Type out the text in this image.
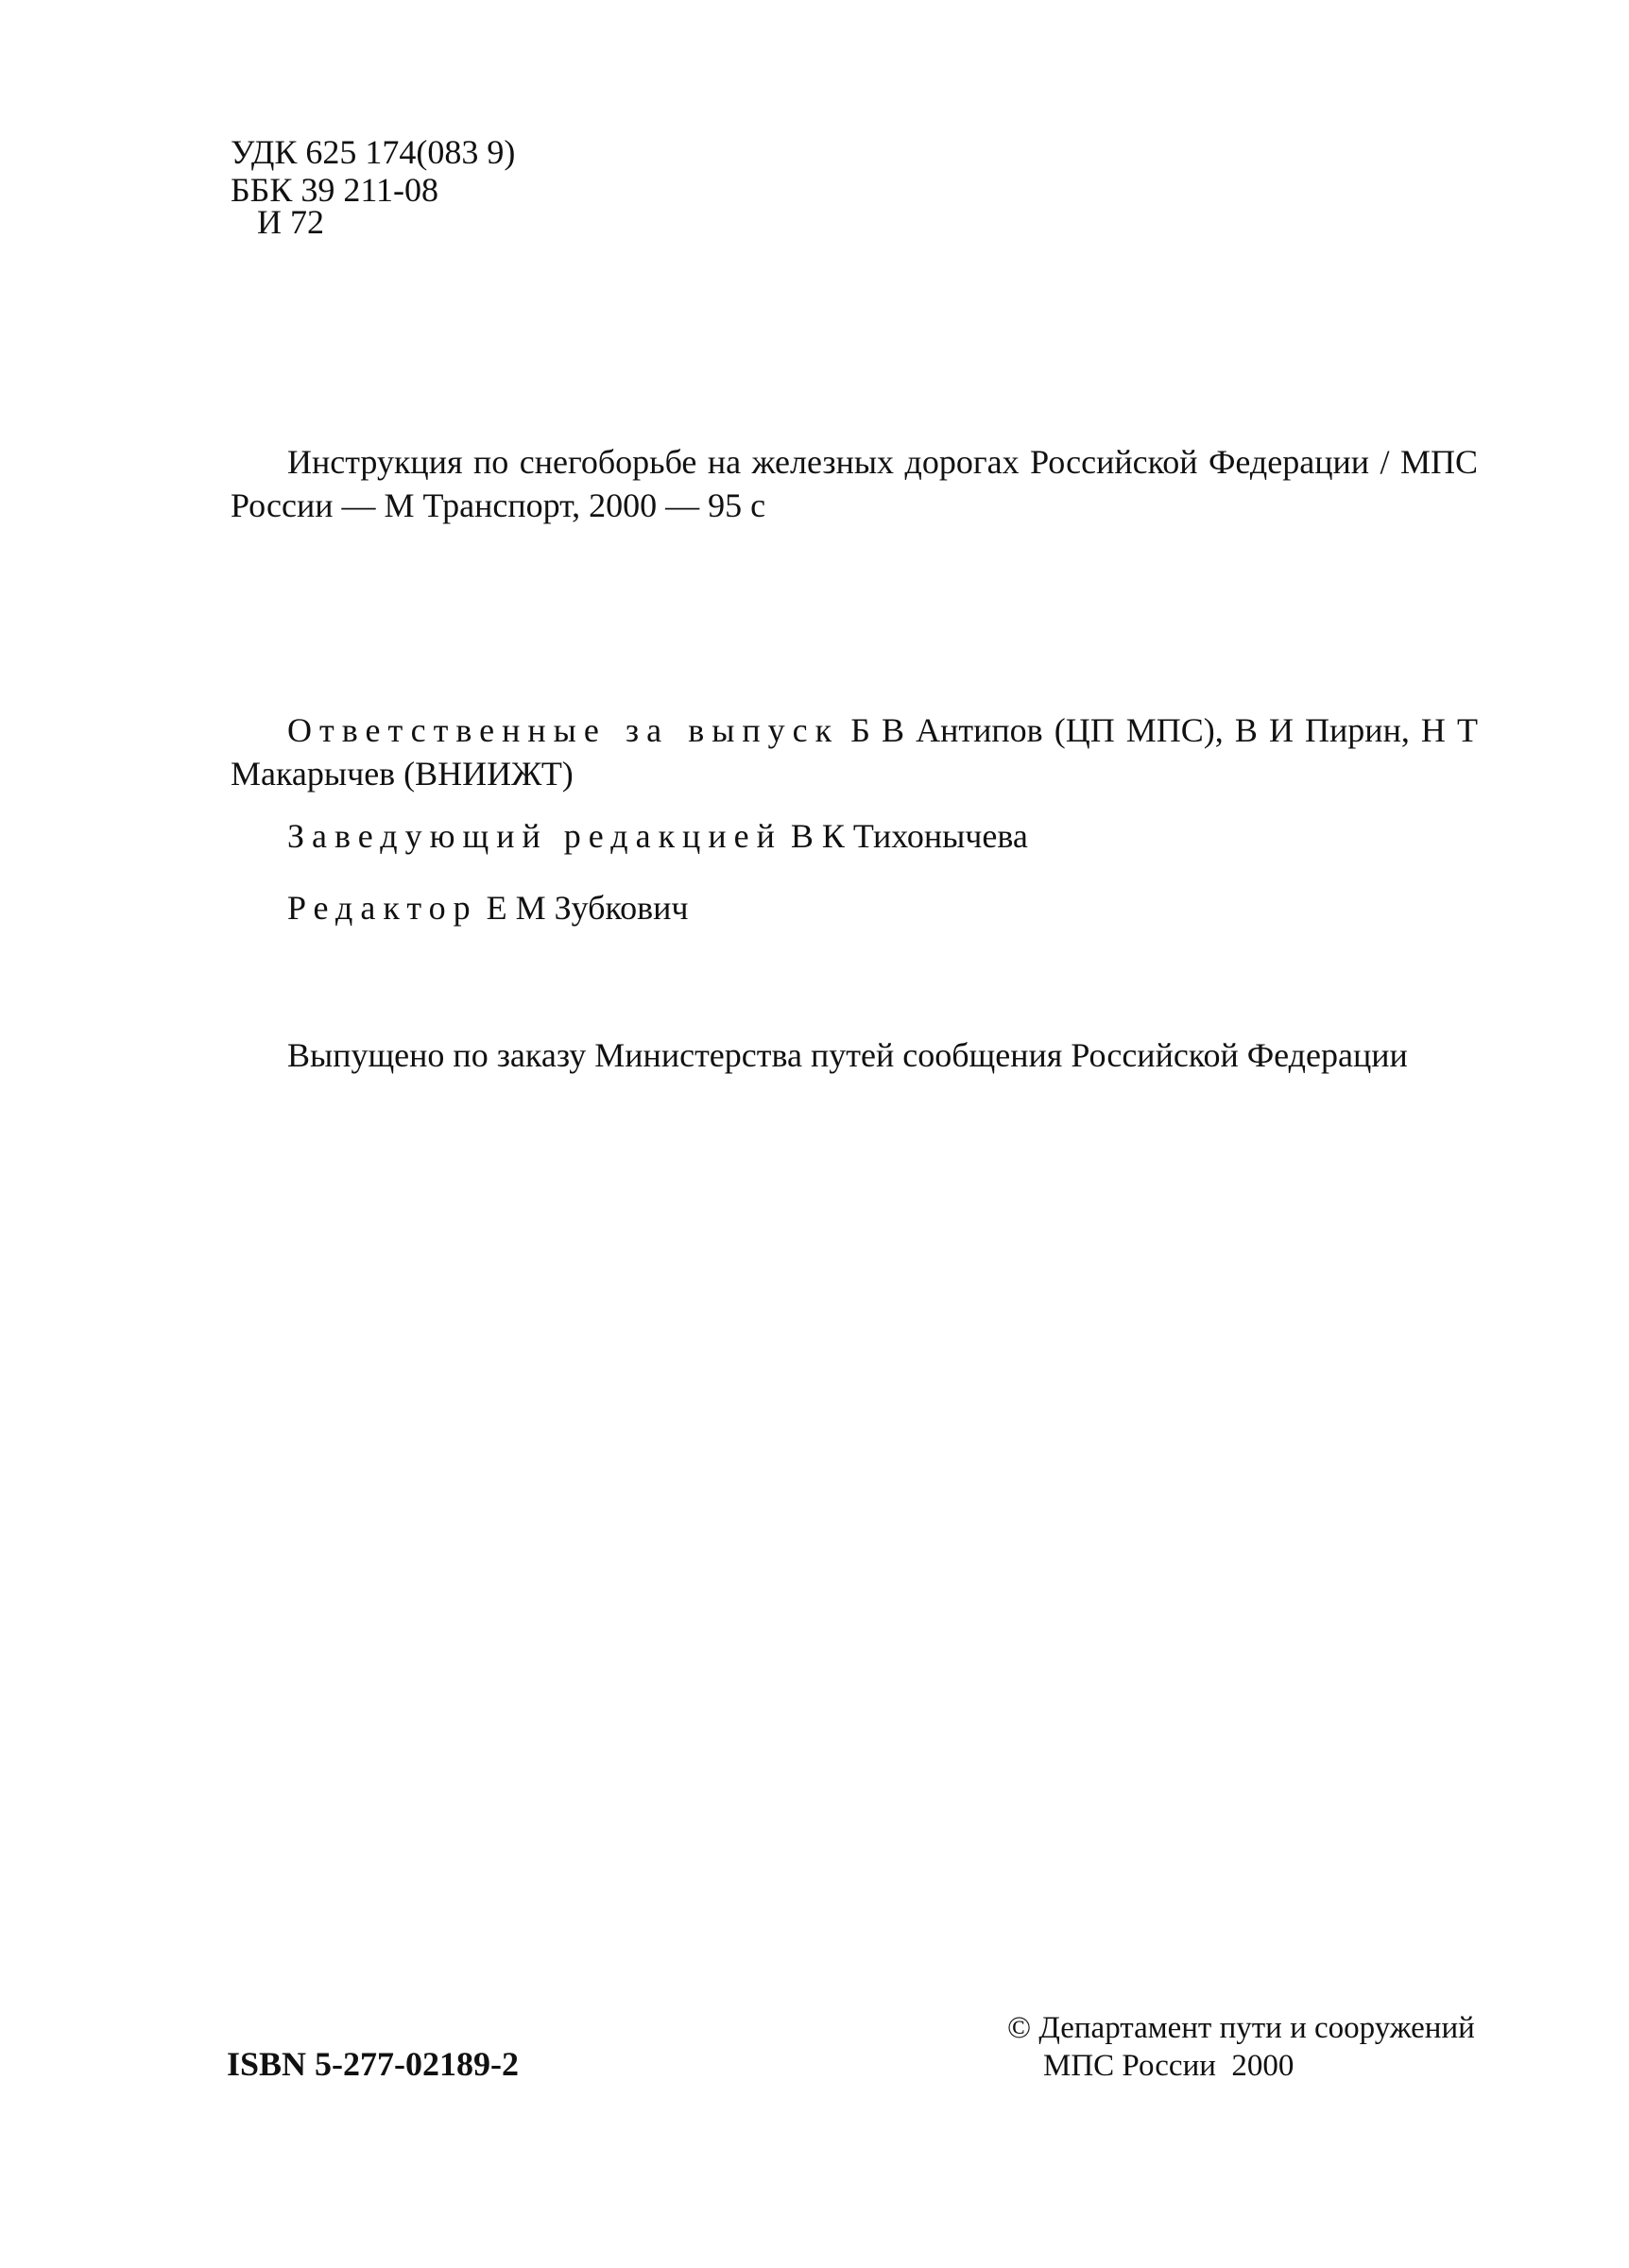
УДК 625 174(083 9)
ББК 39 211-08
И 72
Инструкция по снегоборьбе на железных дорогах Российской Федерации / МПС России — М Транспорт, 2000 — 95 с
Ответственные за выпуск Б В Антипов (ЦП МПС), В И Пирин, Н Т Макарычев (ВНИИЖТ)
Заведующий редакцией В К Тихонычева
Редактор Е М Зубкович
Выпущено по заказу Министерства путей сообщения Российской Федерации
ISBN 5-277-02189-2
© Департамент пути и сооружений
МПС России  2000
